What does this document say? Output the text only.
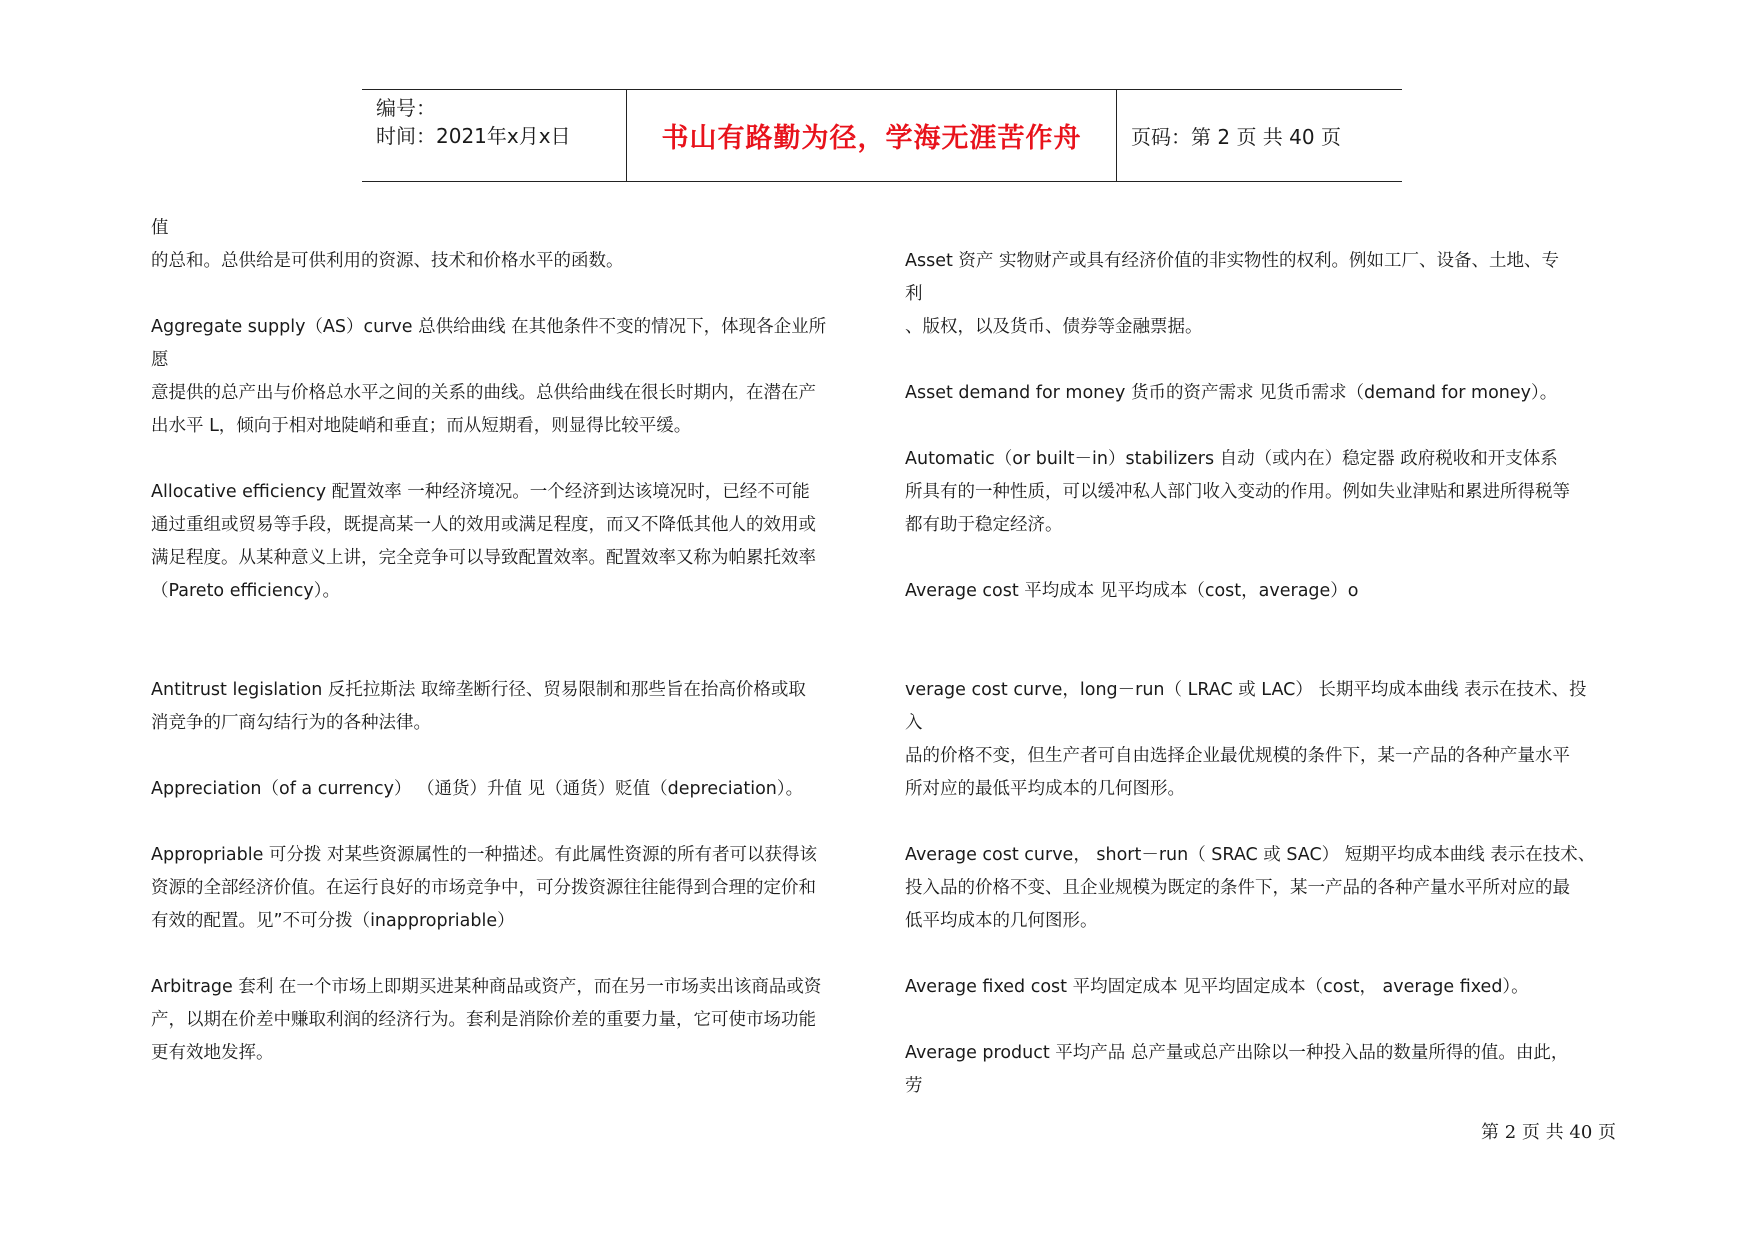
编号：
时间：2021年x月x日	书山有路勤为径，学海无涯苦作舟 页码：第 2 页 共 40 页

值

的总和。总供给是可供利用的资源、技术和价格水平的函数。

Aggregate supply（AS）curve 总供给曲线 在其他条件不变的情况下，体现各企业所
愿
意提供的总产出与价格总水平之间的关系的曲线。总供给曲线在很长时期内，在潜在产
出水平 L，倾向于相对地陡峭和垂直；而从短期看，则显得比较平缓。

Allocative efficiency 配置效率 一种经济境况。一个经济到达该境况时，已经不可能
通过重组或贸易等手段，既提高某一人的效用或满足程度，而又不降低其他人的效用或
满足程度。从某种意义上讲，完全竞争可以导致配置效率。配置效率又称为帕累托效率
（Pareto efficiency）。

Antitrust legislation 反托拉斯法 取缔垄断行径、贸易限制和那些旨在抬高价格或取
消竞争的厂商勾结行为的各种法律。

Appreciation（of a currency） （通货）升值 见（通货）贬值（depreciation）。

Appropriable 可分拨 对某些资源属性的一种描述。有此属性资源的所有者可以获得该
资源的全部经济价值。在运行良好的市场竞争中，可分拨资源往往能得到合理的定价和
有效的配置。见”不可分拨（inappropriable）

Arbitrage 套利 在一个市场上即期买进某种商品或资产，而在另一市场卖出该商品或资
产，以期在价差中赚取利润的经济行为。套利是消除价差的重要力量，它可使市场功能
更有效地发挥。

Asset 资产 实物财产或具有经济价值的非实物性的权利。例如工厂、设备、土地、专
利
、版权，以及货币、债券等金融票据。

Asset demand for money 货币的资产需求 见货币需求（demand for money）。

Automatic（or built－in）stabilizers 自动（或内在）稳定器 政府税收和开支体系
所具有的一种性质，可以缓冲私人部门收入变动的作用。例如失业津贴和累进所得税等
都有助于稳定经济。

Average cost 平均成本 见平均成本（cost，average）o

verage cost curve，long－run（ LRAC 或 LAC） 长期平均成本曲线 表示在技术、投
入
品的价格不变，但生产者可自由选择企业最优规模的条件下，某一产品的各种产量水平
所对应的最低平均成本的几何图形。

Average cost curve， short－run（ SRAC 或 SAC） 短期平均成本曲线 表示在技术、
投入品的价格不变、且企业规模为既定的条件下，某一产品的各种产量水平所对应的最
低平均成本的几何图形。

Average fixed cost 平均固定成本 见平均固定成本（cost， average fixed）。

Average product 平均产品 总产量或总产出除以一种投入品的数量所得的值。由此，
劳

第 2 页 共 40 页
